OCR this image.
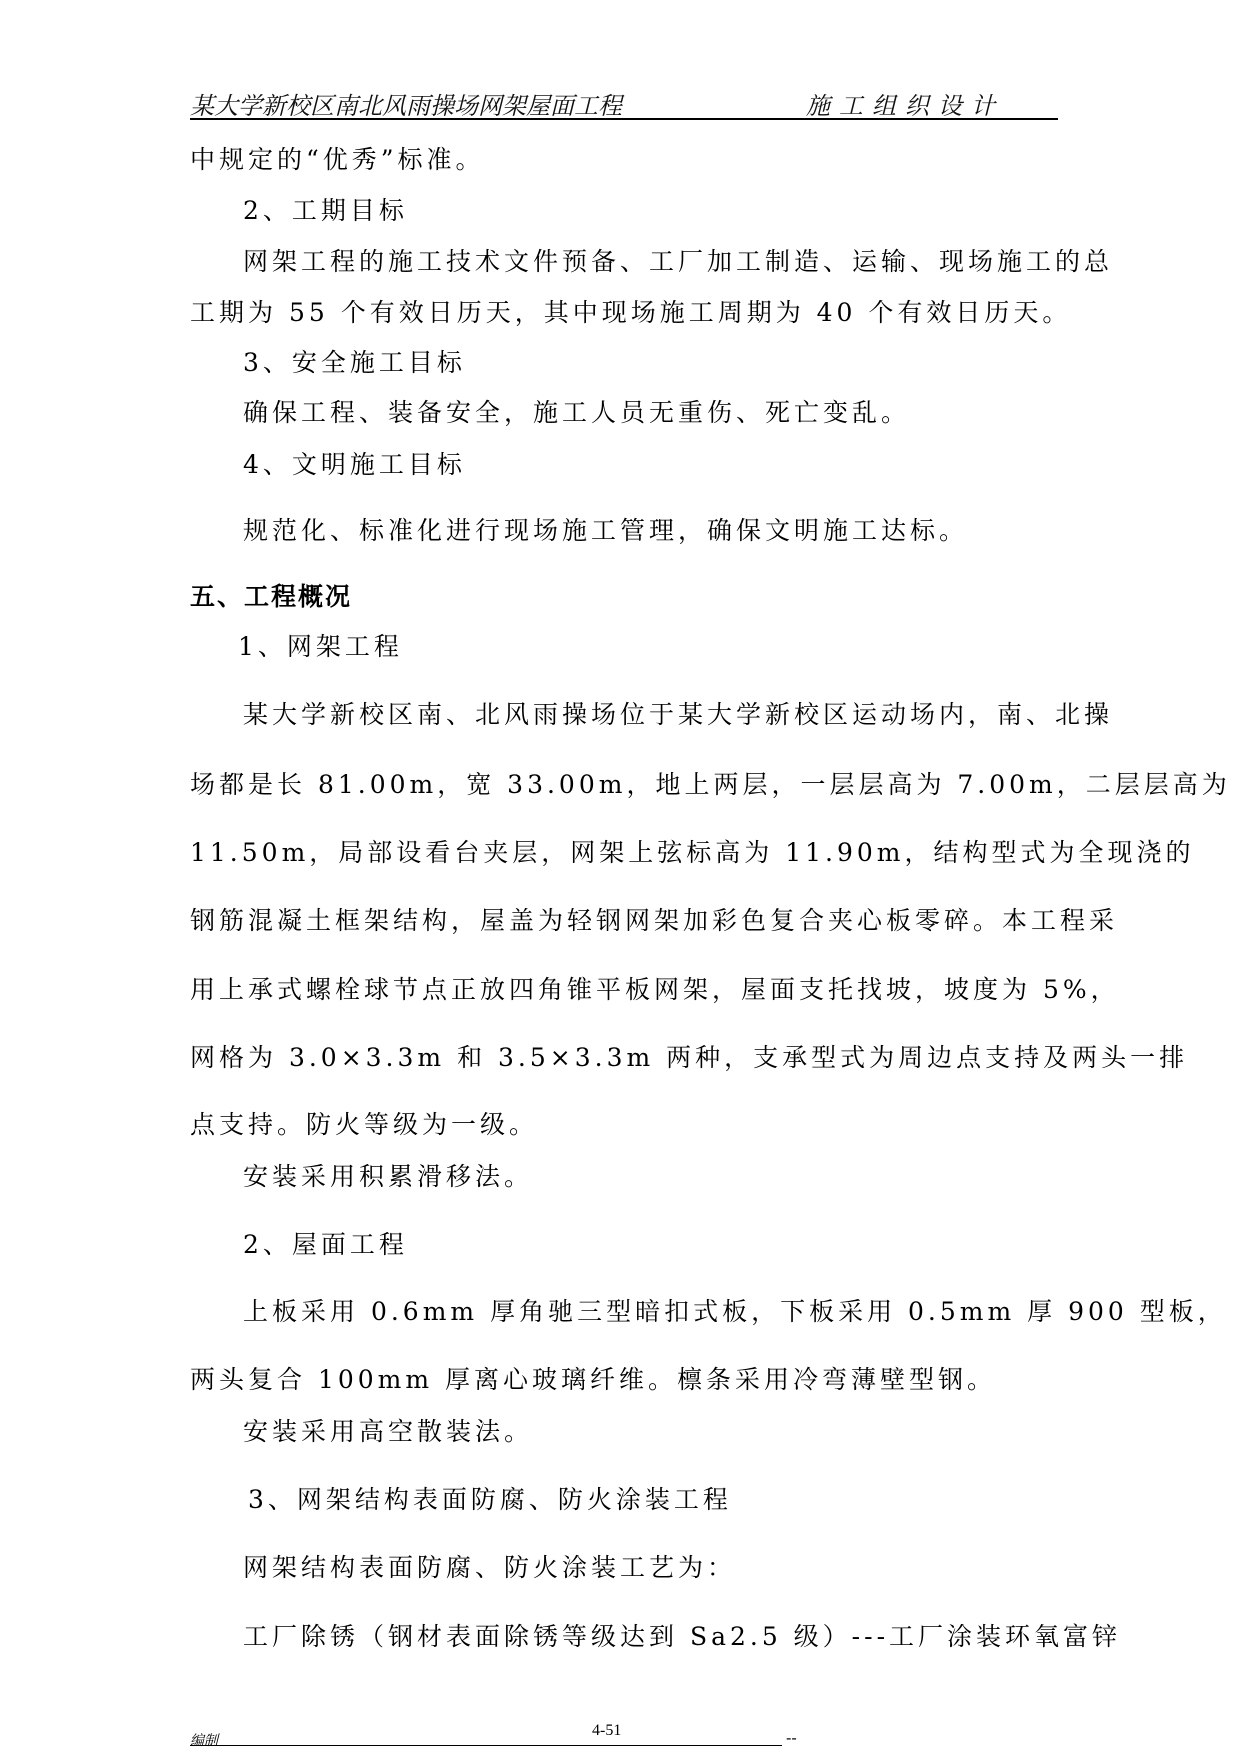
某大学新校区南北风雨操场网架屋面工程	施工组织设计
中规定的“优秀”标准。
2、工期目标
网架工程的施工技术文件预备、工厂加工制造、运输、现场施工的总
工期为 55 个有效日历天，其中现场施工周期为 40 个有效日历天。
3、安全施工目标
确保工程、装备安全，施工人员无重伤、死亡变乱。
4、文明施工目标
规范化、标准化进行现场施工管理，确保文明施工达标。
五、工程概况
1、网架工程
某大学新校区南、北风雨操场位于某大学新校区运动场内，南、北操
场都是长 81.00m，宽 33.00m，地上两层，一层层高为 7.00m，二层层高为
11.50m，局部设看台夹层，网架上弦标高为 11.90m，结构型式为全现浇的
钢筋混凝土框架结构，屋盖为轻钢网架加彩色复合夹心板零碎。本工程采
用上承式螺栓球节点正放四角锥平板网架，屋面支托找坡，坡度为 5%，
网格为 3.0×3.3m 和 3.5×3.3m 两种，支承型式为周边点支持及两头一排
点支持。防火等级为一级。
安装采用积累滑移法。
2、屋面工程
上板采用 0.6mm 厚角驰三型暗扣式板，下板采用 0.5mm 厚 900 型板，
两头复合 100mm 厚离心玻璃纤维。檩条采用冷弯薄壁型钢。
安装采用高空散装法。
3、网架结构表面防腐、防火涂装工程
网架结构表面防腐、防火涂装工艺为：
工厂除锈（钢材表面除锈等级达到 Sa2.5 级）---工厂涂装环氧富锌
编制
4-51	--
